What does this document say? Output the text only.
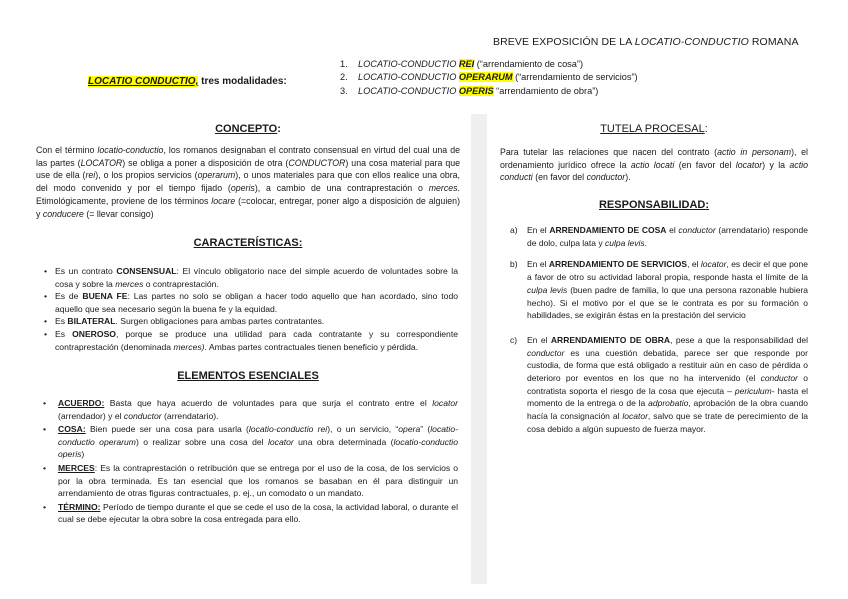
BREVE EXPOSICIÓN DE LA LOCATIO-CONDUCTIO ROMANA
LOCATIO CONDUCTIO, tres modalidades:
1.	LOCATIO-CONDUCTIO REI (“arrendamiento de cosa”)
2.	LOCATIO-CONDUCTIO OPERARUM (“arrendamiento de servicios”)
3.	LOCATIO-CONDUCTIO OPERIS “arrendamiento de obra”)
CONCEPTO:
Con el término locatio-conductio, los romanos designaban el contrato consensual en virtud del cual una de las partes (LOCATOR) se obliga a poner a disposición de otra (CONDUCTOR) una cosa material para que use de ella (rei), o los propios servicios (operarum), o unos materiales para que con ellos realice una obra, del modo convenido y por el tiempo fijado (operis), a cambio de una contraprestación o merces. Etimológicamente, proviene de los términos locare (=colocar, entregar, poner algo a disposición de alguien) y conducere (= llevar consigo)
CARACTERÍSTICAS:
• Es un contrato CONSENSUAL: El vínculo obligatorio nace del simple acuerdo de voluntades sobre la cosa y sobre la merces o contraprestación.
• Es de BUENA FE: Las partes no solo se obligan a hacer todo aquello que han acordado, sino todo aquello que sea necesario según la buena fe y la equidad.
• Es BILATERAL. Surgen obligaciones para ambas partes contratantes.
• Es ONEROSO, porque se produce una utilidad para cada contratante y su correspondiente contraprestación (denominada merces). Ambas partes contractuales tienen beneficio y pérdida.
ELEMENTOS ESENCIALES
• ACUERDO: Basta que haya acuerdo de voluntades para que surja el contrato entre el locator (arrendador) y el conductor (arrendatario).
• COSA: Bien puede ser una cosa para usarla (locatio-conductio rei), o un servicio, “opera” (locatio-conductio operarum) o realizar sobre una cosa del locator una obra determinada (locatio-conductio operis)
• MERCES: Es la contraprestación o retribución que se entrega por el uso de la cosa, de los servicios o por la obra terminada. Es tan esencial que los romanos se basaban en él para distinguir un arrendamiento de otras figuras contractuales, p. ej., un comodato o un mandato.
• TÉRMINO: Período de tiempo durante el que se cede el uso de la cosa, la actividad laboral, o durante el cual se debe ejecutar la obra sobre la cosa entregada para ello.
TUTELA PROCESAL:
Para tutelar las relaciones que nacen del contrato (actio in personam), el ordenamiento jurídico ofrece la actio locati (en favor del locator) y la actio conducti (en favor del conductor).
RESPONSABILIDAD:
a) En el ARRENDAMIENTO DE COSA el conductor (arrendatario) responde de dolo, culpa lata y culpa levis.
b) En el ARRENDAMIENTO DE SERVICIOS, el locator, es decir el que pone a favor de otro su actividad laboral propia, responde hasta el límite de la culpa levis (buen padre de familia, lo que una persona razonable hubiera hecho). Si el motivo por el que se le contrata es por su formación o habilidades, se exigirán éstas en la prestación del servicio
c) En el ARRENDAMIENTO DE OBRA, pese a que la responsabilidad del conductor es una cuestión debatida, parece ser que responde por custodia, de forma que está obligado a restituir aún en caso de pérdida o deterioro por eventos en los que no ha intervenido (el conductor o contratista soporta el riesgo de la cosa que ejecuta – periculum- hasta el momento de la entrega o de la adprobatio, aprobación de la obra cuando hacía la consignación al locator, salvo que se trate de perecimiento de la cosa debido a algún supuesto de fuerza mayor.
